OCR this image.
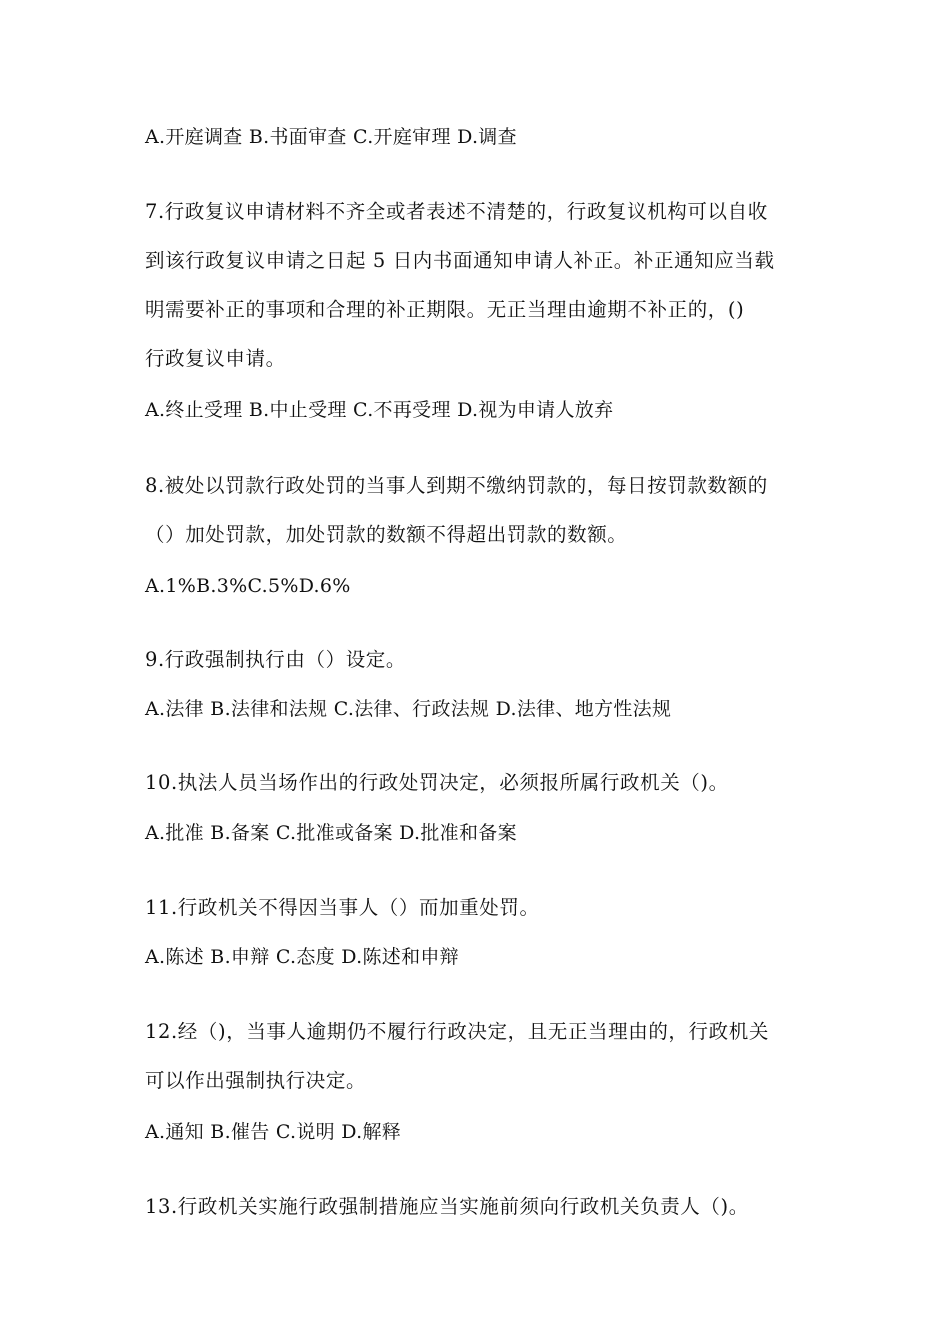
A.开庭调查 B.书面审查 C.开庭审理 D.调查
7.行政复议申请材料不齐全或者表述不清楚的，行政复议机构可以自收
到该行政复议申请之日起 5 日内书面通知申请人补正。补正通知应当载
明需要补正的事项和合理的补正期限。无正当理由逾期不补正的，()
行政复议申请。
A.终止受理 B.中止受理 C.不再受理 D.视为申请人放弃
8.被处以罚款行政处罚的当事人到期不缴纳罚款的，每日按罚款数额的
（）加处罚款，加处罚款的数额不得超出罚款的数额。
A.1%B.3%C.5%D.6%
9.行政强制执行由（）设定。
A.法律 B.法律和法规 C.法律、行政法规 D.法律、地方性法规
10.执法人员当场作出的行政处罚决定，必须报所属行政机关（)。
A.批准 B.备案 C.批准或备案 D.批准和备案
11.行政机关不得因当事人（）而加重处罚。
A.陈述 B.申辩 C.态度 D.陈述和申辩
12.经（)，当事人逾期仍不履行行政决定，且无正当理由的，行政机关
可以作出强制执行决定。
A.通知 B.催告 C.说明 D.解释
13.行政机关实施行政强制措施应当实施前须向行政机关负责人（)。
